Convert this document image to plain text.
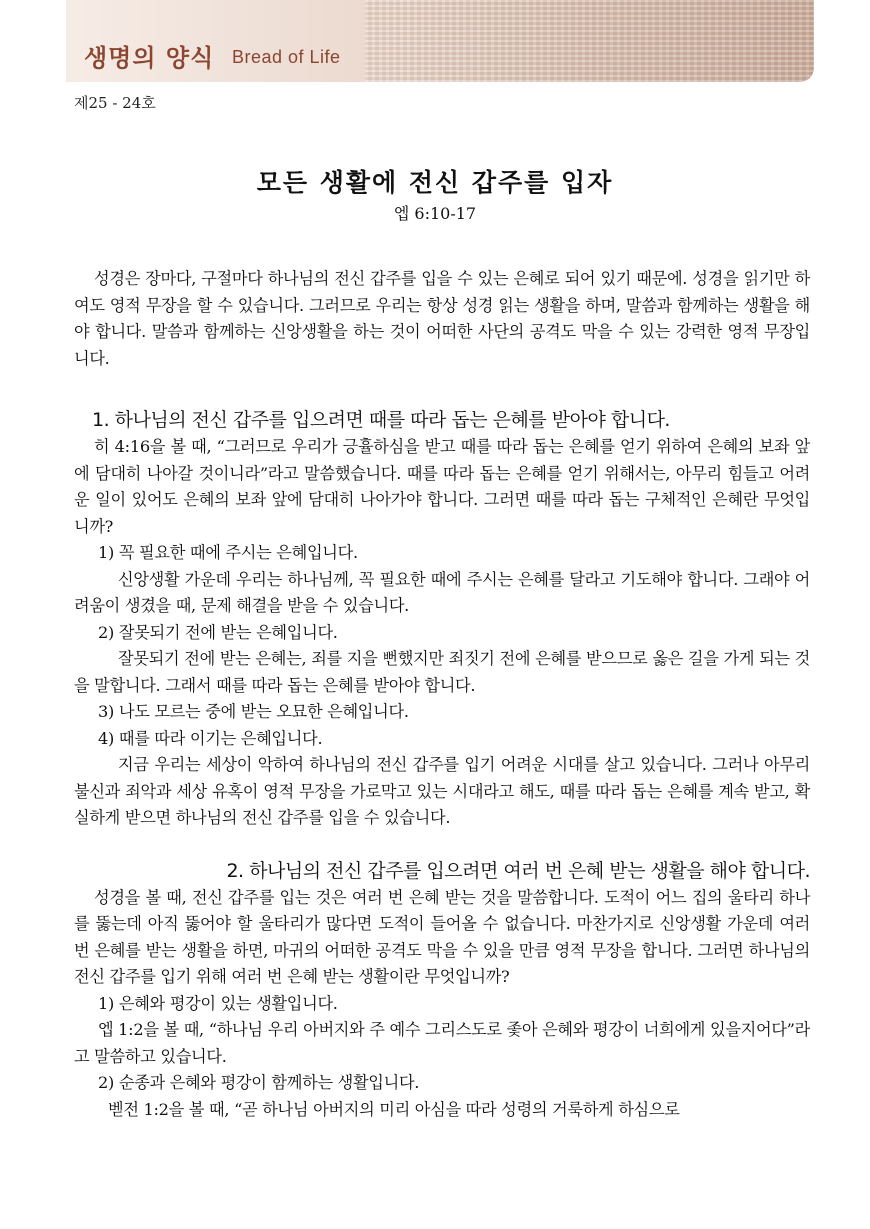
생명의 양식 Bread of Life
제25 - 24호
모든 생활에 전신 갑주를 입자
엡 6:10-17

성경은 장마다, 구절마다 하나님의 전신 갑주를 입을 수 있는 은혜로 되어 있기 때문에. 성경을 읽기만 하여도 영적 무장을 할 수 있습니다. 그러므로 우리는 항상 성경 읽는 생활을 하며, 말씀과 함께하는 생활을 해야 합니다. 말씀과 함께하는 신앙생활을 하는 것이 어떠한 사단의 공격도 막을 수 있는 강력한 영적 무장입니다.

1. 하나님의 전신 갑주를 입으려면 때를 따라 돕는 은혜를 받아야 합니다.

히 4:16을 볼 때, “그러므로 우리가 긍휼하심을 받고 때를 따라 돕는 은혜를 얻기 위하여 은혜의 보좌 앞에 담대히 나아갈 것이니라”라고 말씀했습니다. 때를 따라 돕는 은혜를 얻기 위해서는, 아무리 힘들고 어려운 일이 있어도 은혜의 보좌 앞에 담대히 나아가야 합니다. 그러면 때를 따라 돕는 구체적인 은혜란 무엇입니까?

1) 꼭 필요한 때에 주시는 은혜입니다.

신앙생활 가운데 우리는 하나님께, 꼭 필요한 때에 주시는 은혜를 달라고 기도해야 합니다. 그래야 어려움이 생겼을 때, 문제 해결을 받을 수 있습니다.

2) 잘못되기 전에 받는 은혜입니다.

잘못되기 전에 받는 은혜는, 죄를 지을 뻔했지만 죄짓기 전에 은혜를 받으므로 옳은 길을 가게 되는 것을 말합니다. 그래서 때를 따라 돕는 은혜를 받아야 합니다.

3) 나도 모르는 중에 받는 오묘한 은혜입니다.

4) 때를 따라 이기는 은혜입니다.

지금 우리는 세상이 악하여 하나님의 전신 갑주를 입기 어려운 시대를 살고 있습니다. 그러나 아무리 불신과 죄악과 세상 유혹이 영적 무장을 가로막고 있는 시대라고 해도, 때를 따라 돕는 은혜를 계속 받고, 확실하게 받으면 하나님의 전신 갑주를 입을 수 있습니다.

2. 하나님의 전신 갑주를 입으려면 여러 번 은혜 받는 생활을 해야 합니다.

성경을 볼 때, 전신 갑주를 입는 것은 여러 번 은혜 받는 것을 말씀합니다. 도적이 어느 집의 울타리 하나를 뚫는데 아직 뚫어야 할 울타리가 많다면 도적이 들어올 수 없습니다. 마찬가지로 신앙생활 가운데 여러 번 은혜를 받는 생활을 하면, 마귀의 어떠한 공격도 막을 수 있을 만큼 영적 무장을 합니다. 그러면 하나님의 전신 갑주를 입기 위해 여러 번 은혜 받는 생활이란 무엇입니까?

1) 은혜와 평강이 있는 생활입니다.

엡 1:2을 볼 때, “하나님 우리 아버지와 주 예수 그리스도로 좇아 은혜와 평강이 너희에게 있을지어다”라고 말씀하고 있습니다.

2) 순종과 은혜와 평강이 함께하는 생활입니다.

벧전 1:2을 볼 때, “곧 하나님 아버지의 미리 아심을 따라 성령의 거룩하게 하심으로
